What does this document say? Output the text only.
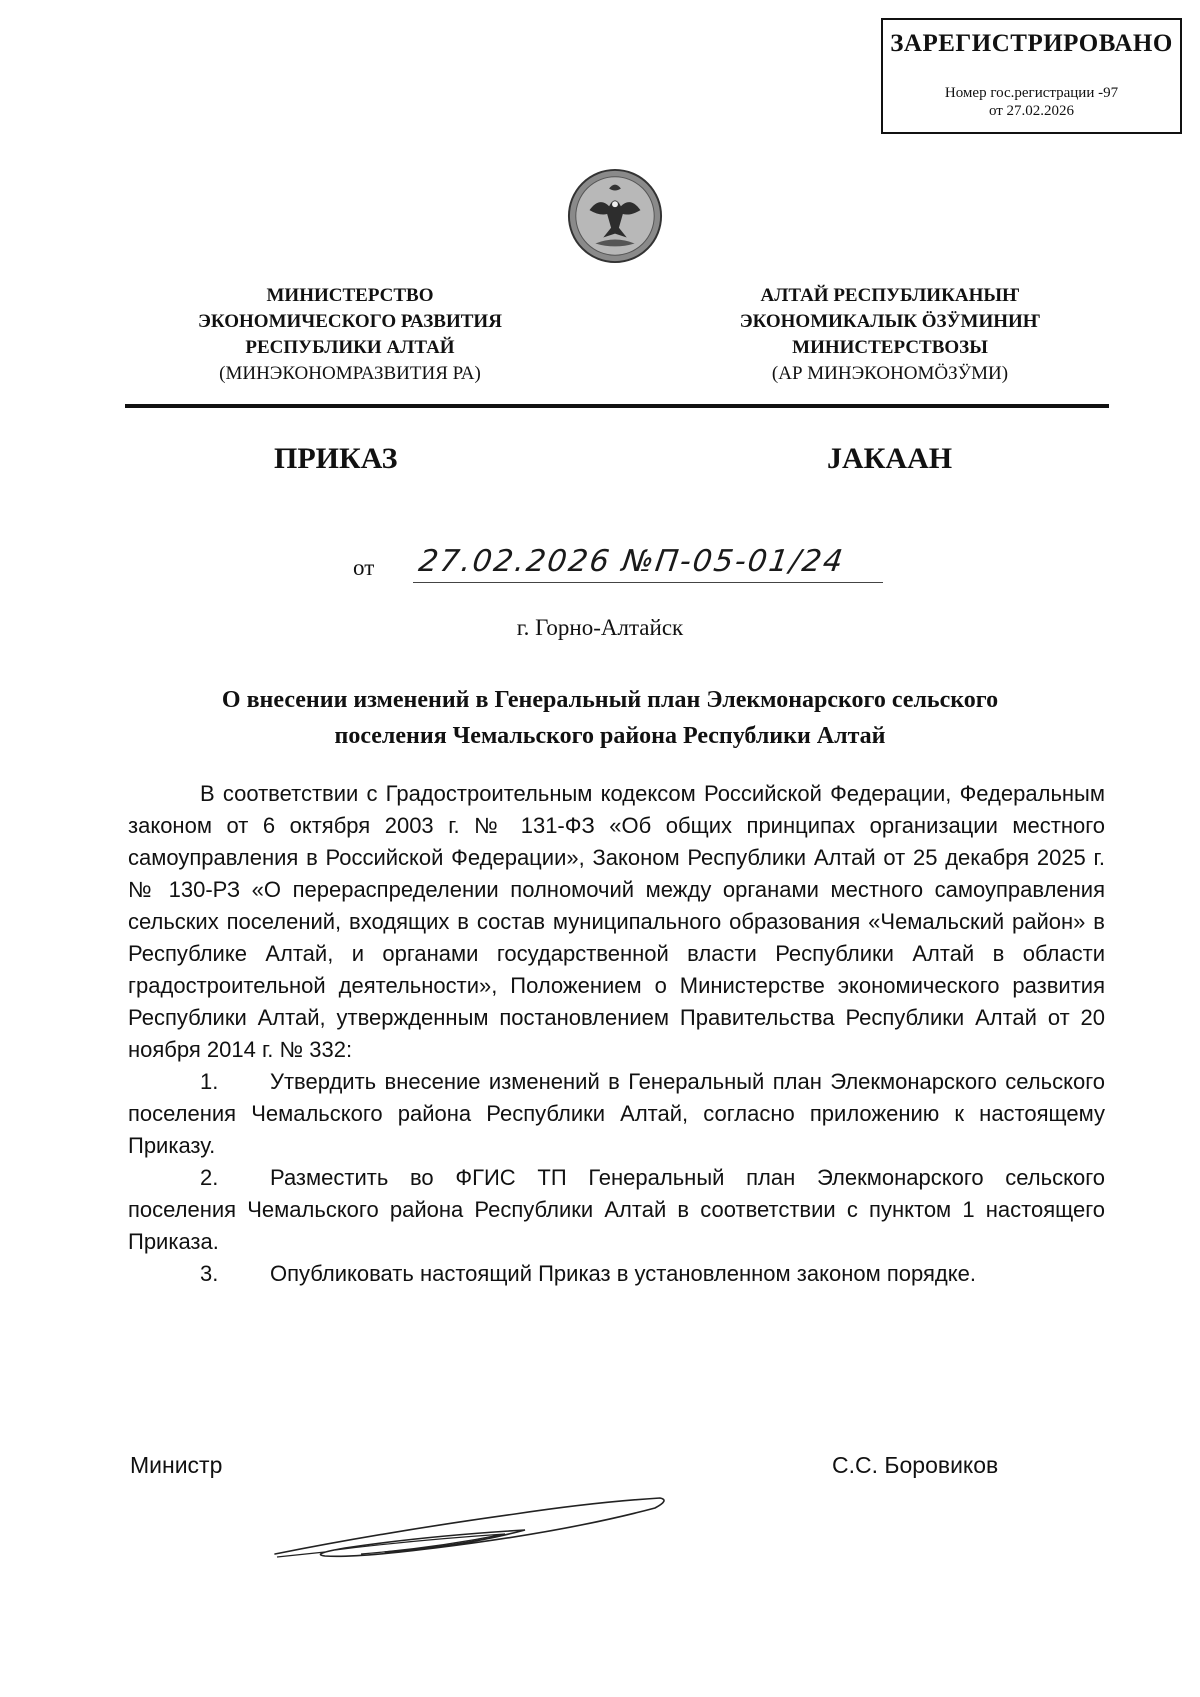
ЗАРЕГИСТРИРОВАНО
Номер гос.регистрации -97
от 27.02.2026
МИНИСТЕРСТВО
ЭКОНОМИЧЕСКОГО РАЗВИТИЯ
РЕСПУБЛИКИ АЛТАЙ
(МИНЭКОНОМРАЗВИТИЯ РА)
АЛТАЙ РЕСПУБЛИКАНЫҤ
ЭКОНОМИКАЛЫК ÖЗӰМИНИҤ
МИНИСТЕРСТВОЗЫ
(АР МИНЭКОНОМÖЗӰМИ)
ПРИКАЗ	JАКААН
от 27.02.2026 №П-05-01/24
г. Горно-Алтайск
О внесении изменений в Генеральный план Элекмонарского сельского
поселения Чемальского района Республики Алтай

В соответствии с Градостроительным кодексом Российской Федерации, Федеральным законом от 6 октября 2003 г. № 131-ФЗ «Об общих принципах организации местного самоуправления в Российской Федерации», Законом Республики Алтай от 25 декабря 2025 г. № 130-РЗ «О перераспределении полномочий между органами местного самоуправления сельских поселений, входящих в состав муниципального образования «Чемальский район» в Республике Алтай, и органами государственной власти Республики Алтай в области градостроительной деятельности», Положением о Министерстве экономического развития Республики Алтай, утвержденным постановлением Правительства Республики Алтай от 20 ноября 2014 г. № 332:

1. Утвердить внесение изменений в Генеральный план Элекмонарского сельского поселения Чемальского района Республики Алтай, согласно приложению к настоящему Приказу.

2. Разместить во ФГИС ТП Генеральный план Элекмонарского сельского поселения Чемальского района Республики Алтай в соответствии с пунктом 1 настоящего Приказа.

3. Опубликовать настоящий Приказ в установленном законом порядке.

Министр	С.С. Боровиков
